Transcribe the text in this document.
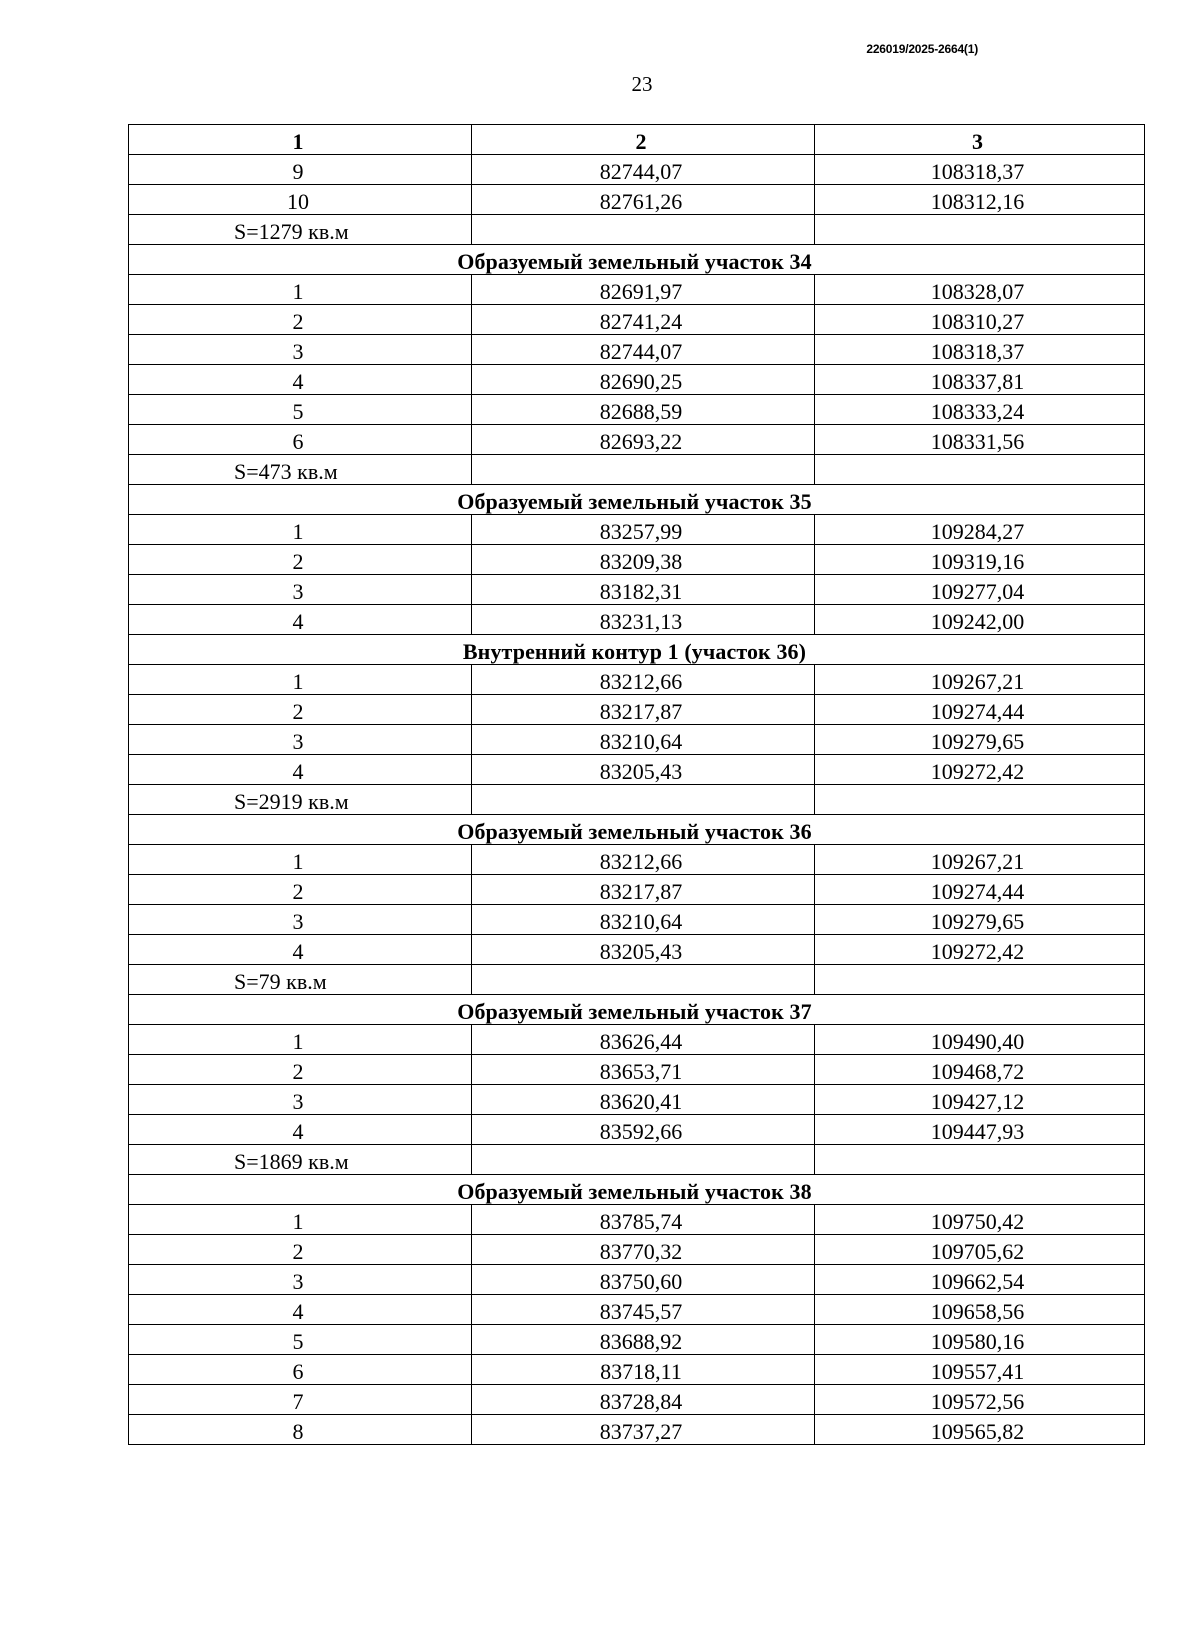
226019/2025-2664(1)
23
1	2	3
9	82744,07	108318,37
10	82761,26	108312,16
S=1279 кв.м		
Образуемый земельный участок 34		
1	82691,97	108328,07
2	82741,24	108310,27
3	82744,07	108318,37
4	82690,25	108337,81
5	82688,59	108333,24
6	82693,22	108331,56
S=473 кв.м		
Образуемый земельный участок 35		
1	83257,99	109284,27
2	83209,38	109319,16
3	83182,31	109277,04
4	83231,13	109242,00
Внутренний контур 1 (участок 36)		
1	83212,66	109267,21
2	83217,87	109274,44
3	83210,64	109279,65
4	83205,43	109272,42
S=2919 кв.м		
Образуемый земельный участок 36		
1	83212,66	109267,21
2	83217,87	109274,44
3	83210,64	109279,65
4	83205,43	109272,42
S=79 кв.м		
Образуемый земельный участок 37		
1	83626,44	109490,40
2	83653,71	109468,72
3	83620,41	109427,12
4	83592,66	109447,93
S=1869 кв.м		
Образуемый земельный участок 38		
1	83785,74	109750,42
2	83770,32	109705,62
3	83750,60	109662,54
4	83745,57	109658,56
5	83688,92	109580,16
6	83718,11	109557,41
7	83728,84	109572,56
8	83737,27	109565,82
